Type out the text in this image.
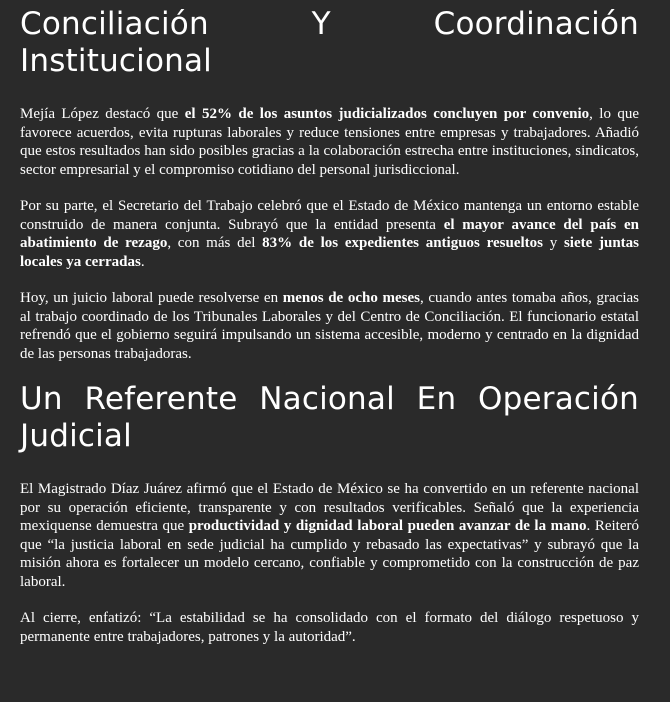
Conciliación Y Coordinación Institucional

Mejía López destacó que el 52% de los asuntos judicializados concluyen por convenio, lo que favorece acuerdos, evita rupturas laborales y reduce tensiones entre empresas y trabajadores. Añadió que estos resultados han sido posibles gracias a la colaboración estrecha entre instituciones, sindicatos, sector empresarial y el compromiso cotidiano del personal jurisdiccional.

Por su parte, el Secretario del Trabajo celebró que el Estado de México mantenga un entorno estable construido de manera conjunta. Subrayó que la entidad presenta el mayor avance del país en abatimiento de rezago, con más del 83% de los expedientes antiguos resueltos y siete juntas locales ya cerradas.

Hoy, un juicio laboral puede resolverse en menos de ocho meses, cuando antes tomaba años, gracias al trabajo coordinado de los Tribunales Laborales y del Centro de Conciliación. El funcionario estatal refrendó que el gobierno seguirá impulsando un sistema accesible, moderno y centrado en la dignidad de las personas trabajadoras.

Un Referente Nacional En Operación Judicial

El Magistrado Díaz Juárez afirmó que el Estado de México se ha convertido en un referente nacional por su operación eficiente, transparente y con resultados verificables. Señaló que la experiencia mexiquense demuestra que productividad y dignidad laboral pueden avanzar de la mano. Reiteró que “la justicia laboral en sede judicial ha cumplido y rebasado las expectativas” y subrayó que la misión ahora es fortalecer un modelo cercano, confiable y comprometido con la construcción de paz laboral.

Al cierre, enfatizó: “La estabilidad se ha consolidado con el formato del diálogo respetuoso y permanente entre trabajadores, patrones y la autoridad”.
